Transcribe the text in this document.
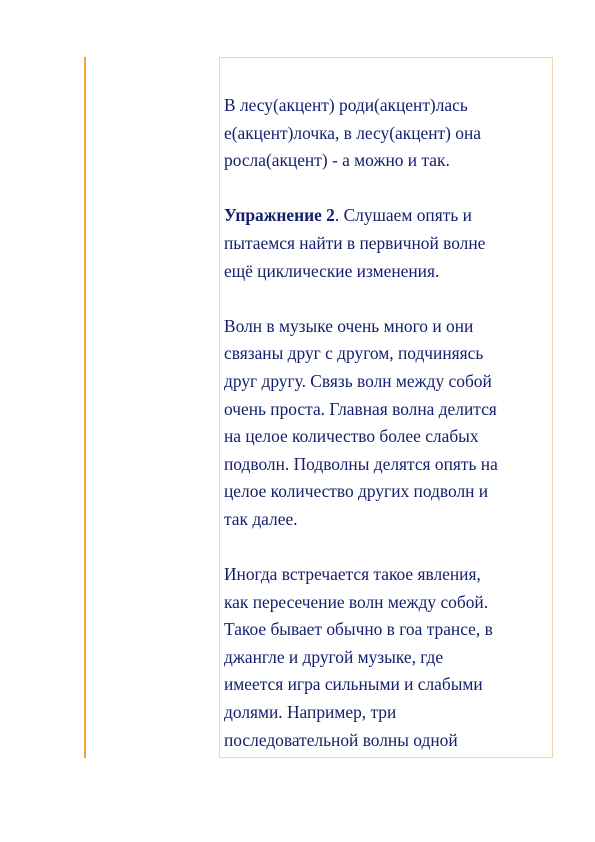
В лесу(акцент) роди(акцент)лась
е(акцент)лочка, в лесу(акцент) она
росла(акцент) - а можно и так.

Упражнение 2. Слушаем опять и
пытаемся найти в первичной волне
ещё циклические изменения.

Волн в музыке очень много и они
связаны друг с другом, подчиняясь
друг другу. Связь волн между собой
очень проста. Главная волна делится
на целое количество более слабых
подволн. Подволны делятся опять на
целое количество других подволн и
так далее.

Иногда встречается такое явления,
как пересечение волн между собой.
Такое бывает обычно в гоа трансе, в
джангле и другой музыке, где
имеется игра сильными и слабыми
долями. Например, три
последовательной волны одной
